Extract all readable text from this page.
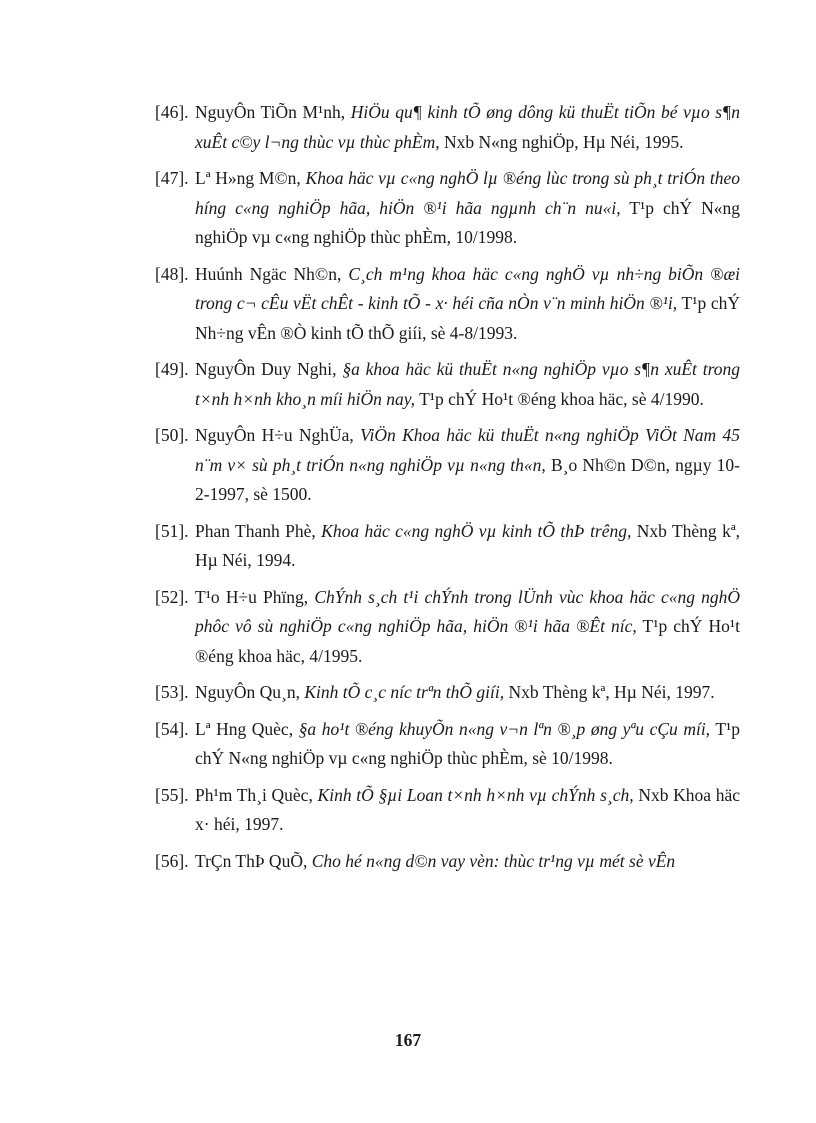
[46]. NguyÔn TiÕn M¹nh, HiÖu qu¶ kinh tÕ øng dông kü thuËt tiÕn bé vµo s¶n xuÊt c©y l¬ng thùc vµ thùc phÈm, Nxb N«ng nghiÖp, Hµ Néi, 1995.
[47]. Lª H»ng M©n, Khoa häc vµ c«ng nghÖ lµ ®éng lùc trong sù ph¸t triÓn theo híng c«ng nghiÖp hãa, hiÖn ®¹i hãa ngµnh ch¨n nu«i, T¹p chÝ N«ng nghiÖp vµ c«ng nghiÖp thùc phÈm, 10/1998.
[48]. Huúnh Ngäc Nh©n, C¸ch m¹ng khoa häc c«ng nghÖ vµ nh÷ng biÕn ®æi trong c¬ cÊu vËt chÊt - kinh tÕ - x· héi cña nÒn v¨n minh hiÖn ®¹i, T¹p chÝ Nh÷ng vÊn ®Ò kinh tÕ thÕ giíi, sè 4-8/1993.
[49]. NguyÔn Duy Nghi, §a khoa häc kü thuËt n«ng nghiÖp vµo s¶n xuÊt trong t×nh h×nh kho¸n míi hiÖn nay, T¹p chÝ Ho¹t ®éng khoa häc, sè 4/1990.
[50]. NguyÔn H÷u NghÜa, ViÖn Khoa häc kü thuËt n«ng nghiÖp ViÖt Nam 45 n¨m v× sù ph¸t triÓn n«ng nghiÖp vµ n«ng th«n, B¸o Nh©n D©n, ngµy 10-2-1997, sè 1500.
[51]. Phan Thanh Phè, Khoa häc c«ng nghÖ vµ kinh tÕ thÞ trêng, Nxb Thèng kª, Hµ Néi, 1994.
[52]. T¹o H÷u Phïng, ChÝnh s¸ch t¹i chÝnh trong lÜnh vùc khoa häc c«ng nghÖ phôc vô sù nghiÖp c«ng nghiÖp hãa, hiÖn ®¹i hãa ®Êt níc, T¹p chÝ Ho¹t ®éng khoa häc, 4/1995.
[53]. NguyÔn Qu¸n, Kinh tÕ c¸c níc trªn thÕ giíi, Nxb Thèng kª, Hµ Néi, 1997.
[54]. Lª Hng Quèc, §a ho¹t ®éng khuyÕn n«ng v¬n lªn ®¸p øng yªu cÇu míi, T¹p chÝ N«ng nghiÖp vµ c«ng nghiÖp thùc phÈm, sè 10/1998.
[55]. Ph¹m Th¸i Quèc, Kinh tÕ §µi Loan t×nh h×nh vµ chÝnh s¸ch, Nxb Khoa häc x· héi, 1997.
[56]. TrÇn ThÞ QuÕ, Cho hé n«ng d©n vay vèn: thùc tr¹ng vµ mét sè vÊn
167
